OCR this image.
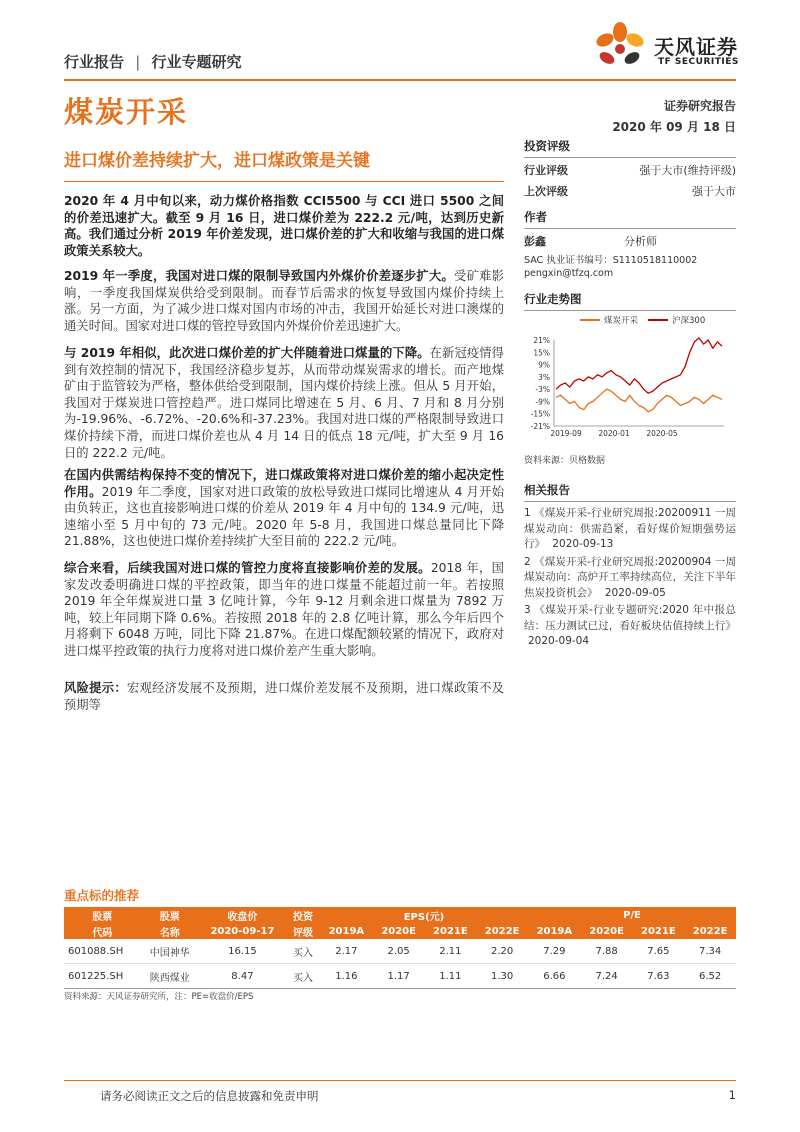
行业报告 | 行业专题研究
天风证券
TF SECURITIES
煤炭开采	证券研究报告
2020 年 09 月 18 日
进口煤价差持续扩大，进口煤政策是关键
2020 年 4 月中旬以来，动力煤价格指数 CCI5500 与 CCI 进口 5500 之间的价差迅速扩大。截至 9 月 16 日，进口煤价差为 222.2 元/吨，达到历史新高。我们通过分析 2019 年价差发现，进口煤价差的扩大和收缩与我国的进口煤政策关系较大。
2019 年一季度，我国对进口煤的限制导致国内外煤价价差逐步扩大。受矿难影响，一季度我国煤炭供给受到限制。而春节后需求的恢复导致国内煤价持续上涨。另一方面，为了减少进口煤对国内市场的冲击，我国开始延长对进口澳煤的通关时间。国家对进口煤的管控导致国内外煤价价差迅速扩大。
与 2019 年相似，此次进口煤价差的扩大伴随着进口煤量的下降。在新冠疫情得到有效控制的情况下，我国经济稳步复苏，从而带动煤炭需求的增长。而产地煤矿由于监管较为严格，整体供给受到限制，国内煤价持续上涨。但从 5 月开始，我国对于煤炭进口管控趋严。进口煤同比增速在 5 月、6 月、7 月和 8 月分别为-19.96%、-6.72%、-20.6%和-37.23%。我国对进口煤的严格限制导致进口煤价持续下滑，而进口煤价差也从 4 月 14 日的低点 18 元/吨，扩大至 9 月 16 日的 222.2 元/吨。
在国内供需结构保持不变的情况下，进口煤政策将对进口煤价差的缩小起决定性作用。2019 年二季度，国家对进口政策的放松导致进口煤同比增速从 4 月开始由负转正，这也直接影响进口煤的价差从 2019 年 4 月中旬的 134.9 元/吨，迅速缩小至 5 月中旬的 73 元/吨。2020 年 5-8 月，我国进口煤总量同比下降 21.88%，这也使进口煤价差持续扩大至目前的 222.2 元/吨。
综合来看，后续我国对进口煤的管控力度将直接影响价差的发展。2018 年，国家发改委明确进口煤的平控政策，即当年的进口煤量不能超过前一年。若按照 2019 年全年煤炭进口量 3 亿吨计算，今年 9-12 月剩余进口煤量为 7892 万吨，较上年同期下降 0.6%。若按照 2018 年的 2.8 亿吨计算，那么今年后四个月将剩下 6048 万吨，同比下降 21.87%。在进口煤配额较紧的情况下，政府对进口煤平控政策的执行力度将对进口煤价差产生重大影响。
风险提示：宏观经济发展不及预期，进口煤价差发展不及预期，进口煤政策不及预期等
投资评级
行业评级	强于大市(维持评级)
上次评级	强于大市
作者
彭鑫	分析师
SAC 执业证书编号：S1110518110002
pengxin@tfzq.com
行业走势图
煤炭开采	沪深300
21%
15%
9%
3%
-3%
-9%
-15%
-21%
2019-09 2020-01 2020-05
资料来源：贝格数据
相关报告
1 《煤炭开采-行业研究周报:20200911 一周煤炭动向：供需趋紧，看好煤价短期强势运行》 2020-09-13
2 《煤炭开采-行业研究周报:20200904 一周煤炭动向：高炉开工率持续高位，关注下半年焦炭投资机会》 2020-09-05
3 《煤炭开采-行业专题研究:2020 年中报总结：压力测试已过，看好板块估值持续上行》 2020-09-04
重点标的推荐
股票	股票	收盘价	投资	EPS(元)				P/E			
代码	名称	2020-09-17	评级	2019A	2020E	2021E	2022E	2019A	2020E	2021E	2022E
601088.SH	中国神华	16.15	买入	2.17	2.05	2.11	2.20	7.29	7.88	7.65	7.34
601225.SH	陕西煤业	8.47	买入	1.16	1.17	1.11	1.30	6.66	7.24	7.63	6.52
资料来源：天风证券研究所，注：PE=收盘价/EPS
请务必阅读正文之后的信息披露和免责申明	1
